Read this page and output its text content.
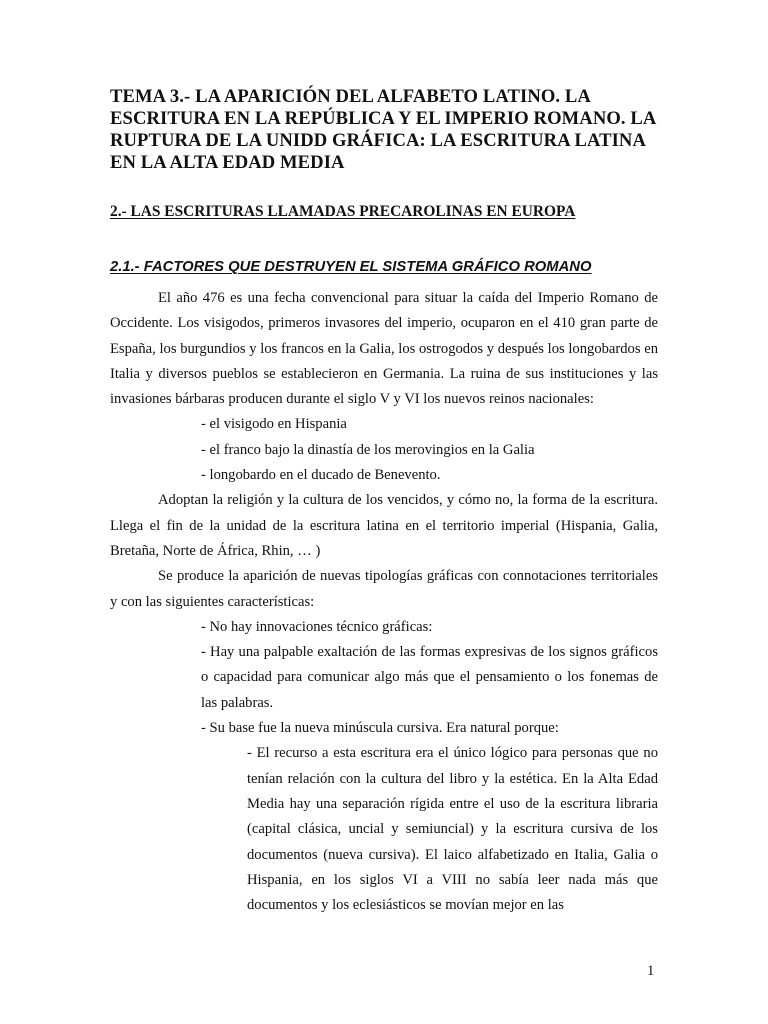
TEMA 3.- LA APARICIÓN DEL ALFABETO LATINO. LA ESCRITURA EN LA REPÚBLICA Y EL IMPERIO ROMANO. LA RUPTURA DE LA UNIDD GRÁFICA: LA ESCRITURA LATINA EN LA ALTA EDAD MEDIA
2.- LAS ESCRITURAS LLAMADAS PRECAROLINAS EN EUROPA
2.1.- FACTORES QUE DESTRUYEN EL SISTEMA GRÁFICO ROMANO

El año 476 es una fecha convencional para situar la caída del Imperio Romano de Occidente. Los visigodos, primeros invasores del imperio, ocuparon en el 410 gran parte de España, los burgundios y los francos en la Galia, los ostrogodos y después los longobardos en Italia y diversos pueblos se establecieron en Germania. La ruina de sus instituciones y las invasiones bárbaras producen durante el siglo V y VI los nuevos reinos nacionales:

- el visigodo en Hispania

- el franco bajo la dinastía de los merovingios en la Galia

- longobardo en el ducado de Benevento.

Adoptan la religión y la cultura de los vencidos, y cómo no, la forma de la escritura. Llega el fin de la unidad de la escritura latina en el territorio imperial (Hispania, Galia, Bretaña, Norte de África, Rhin, … )

Se produce la aparición de nuevas tipologías gráficas con connotaciones territoriales y con las siguientes características:

- No hay innovaciones técnico gráficas:

- Hay una palpable exaltación de las formas expresivas de los signos gráficos o capacidad para comunicar algo más que el pensamiento o los fonemas de las palabras.

- Su base fue la nueva minúscula cursiva. Era natural porque:

- El recurso a esta escritura era el único lógico para personas que no tenían relación con la cultura del libro y la estética. En la Alta Edad Media hay una separación rígida entre el uso de la escritura libraria (capital clásica, uncial y semiuncial) y la escritura cursiva de los documentos (nueva cursiva). El laico alfabetizado en Italia, Galia o Hispania, en los siglos VI a VIII no sabía leer nada más que documentos y los eclesiásticos se movían mejor en las

1
